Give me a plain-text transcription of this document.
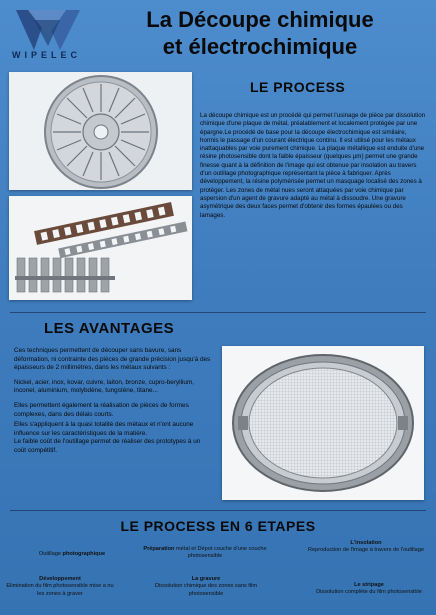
WIPELEC
La Découpe chimique
et électrochimique
LE PROCESS
La découpe chimique est un procédé qui permet l'usinage de pièce par dissolution chimique d'une plaque de métal, préalablement et localement protégée par une épargne.Le procédé de base pour la découpe électrochimique est similaire, hormis le passage d'un courant électrique continu. Il est utilisé pour les métaux inattaquables par voie purement chimique. La plaque métallique est enduite d'une résine photosensible dont la faible épaisseur (quelques µm) permet une grande finesse quant à la définition de l'image qui est obtenue par insolation au travers d'un outillage photographique représentant la pièce à fabriquer. Après développement, la résine polymérisée permet un masquage localisé des zones à protéger. Les zones de métal nues seront attaquées par voie chimique par aspersion d'un agent de gravure adapté au métal à dissoudre. Une gravure asymétrique des deux faces permet d'obtenir des formes épaulées ou des lamages.
LES AVANTAGES
Ces techniques permettent de découper sans bavure, sans déformation, ni contrainte des pièces de grande précision jusqu'à des épaisseurs de 2 millimètres, dans les métaux suivants :
Nickel, acier, inox, kovar, cuivre, laiton, bronze, cupro-beryllium, inconel, aluminium, molybdène, tungstène, titane...
Elles permettent également la réalisation de pièces de formes complexes, dans des délais courts.
Elles s'appliquent à la quasi totalité des métaux et n'ont aucune influence sur les caractéristiques de la matière.
Le faible coût de l'outillage permet de réaliser des prototypes à un coût compétitif.
LE PROCESS EN 6 ETAPES
Outillage photographique
Préparation métal et Dépot couche d'une couche photosensible
L'insolation
Reproduction de l'image à travers de l'outillage
Développement
Elimination du film photosensible mise a nu les zones à graver
La gravure
Dissolution chimique des zones sans film photosensible
Le stripage
Dissolution complète du film photosensible
